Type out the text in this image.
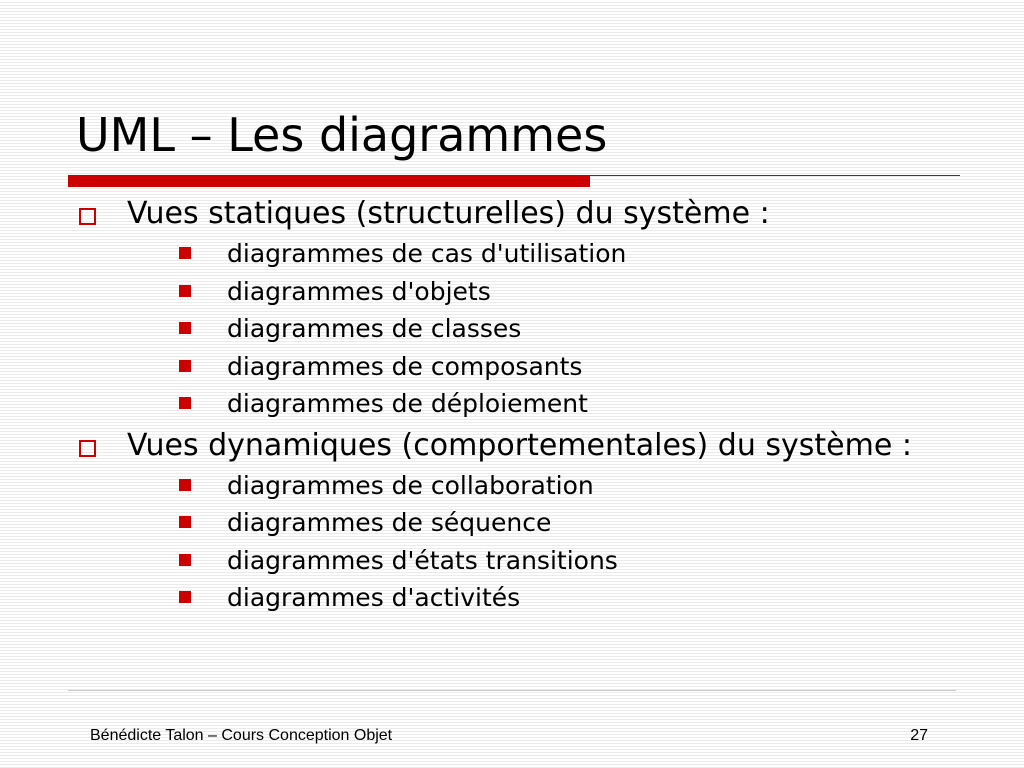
UML – Les diagrammes
Vues statiques (structurelles) du système :
diagrammes de cas d'utilisation
diagrammes d'objets
diagrammes de classes
diagrammes de composants
diagrammes de déploiement
Vues dynamiques (comportementales) du système :
diagrammes de collaboration
diagrammes de séquence
diagrammes d'états transitions
diagrammes d'activités
Bénédicte Talon – Cours Conception Objet	27
